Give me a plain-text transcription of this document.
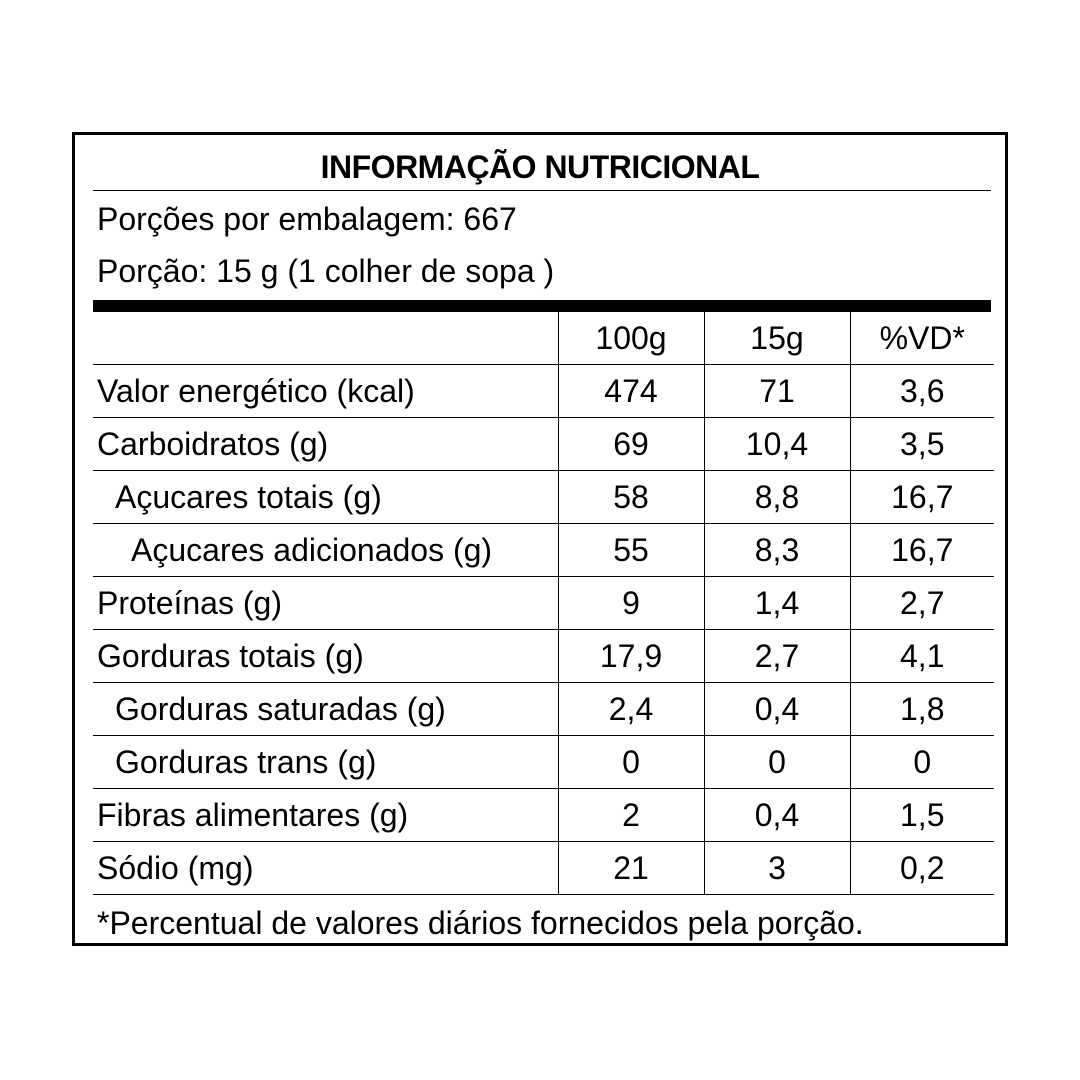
INFORMAÇÃO NUTRICIONAL
Porções por embalagem: 667
Porção: 15 g (1 colher de sopa )
	100g	15g	%VD*
Valor energético (kcal)	474	71	3,6
Carboidratos (g)	69	10,4	3,5
Açucares totais (g)	58	8,8	16,7
Açucares adicionados (g)	55	8,3	16,7
Proteínas (g)	9	1,4	2,7
Gorduras totais (g)	17,9	2,7	4,1
Gorduras saturadas (g)	2,4	0,4	1,8
Gorduras trans (g)	0	0	0
Fibras alimentares (g)	2	0,4	1,5
Sódio (mg)	21	3	0,2
*Percentual de valores diários fornecidos pela porção.
